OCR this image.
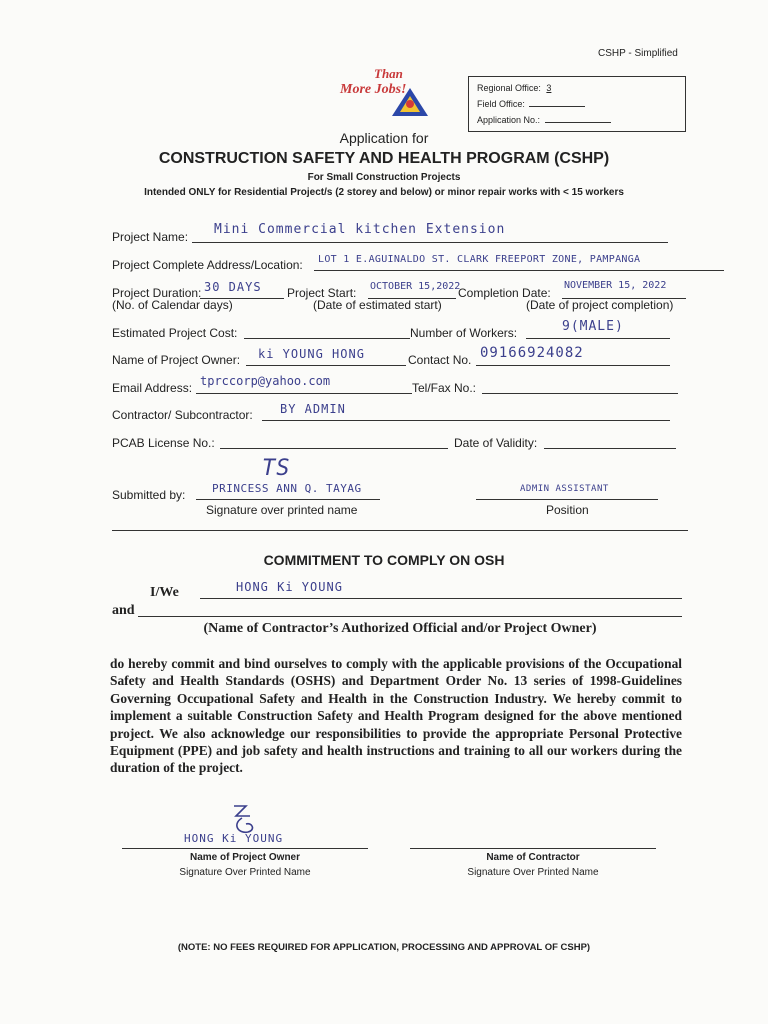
CSHP - Simplified
Than
More Jobs!	Regional Office: 3
Field Office:
Application No.:
Application for
CONSTRUCTION SAFETY AND HEALTH PROGRAM (CSHP)
For Small Construction Projects
Intended ONLY for Residential Project/s (2 storey and below) or minor repair works with < 15 workers
Project Name: Mini Commercial kitchen Extension
Project Complete Address/Location: LOT 1 E.AGUINALDO ST. CLARK FREEPORT ZONE, PAMPANGA
Project Duration: 30 DAYS Project Start: OCTOBER 15,2022
Completion Date:
NOVEMBER 15, 2022
(No. of Calendar days)	(Date of estimated start)	(Date of project completion)
Estimated Project Cost:	Number of Workers:	9(MALE)
Name of Project Owner: ki YOUNG HONG	Contact No. 09166924082
Email Address: tprccorp@yahoo.com	Tel/Fax No.:
Contractor/ Subcontractor: BY ADMIN
PCAB License No.:	Date of Validity:
TS
Submitted by: PRINCESS ANN Q. TAYAG
Signature over printed name
ADMIN ASSISTANT
Position
COMMITMENT TO COMPLY ON OSH
I/We	HONG Ki YOUNG
and
(Name of Contractor’s Authorized Official and/or Project Owner)
do hereby commit and bind ourselves to comply with the applicable provisions of the Occupational Safety and Health Standards (OSHS) and Department Order No. 13 series of 1998-Guidelines Governing Occupational Safety and Health in the Construction Industry. We hereby commit to implement a suitable Construction Safety and Health Program designed for the above mentioned project. We also acknowledge our responsibilities to provide the appropriate Personal Protective Equipment (PPE) and job safety and health instructions and training to all our workers during the duration of the project.
HONG Ki YOUNG
Name of Project Owner
Signature Over Printed Name
Name of Contractor
Signature Over Printed Name
(NOTE: NO FEES REQUIRED FOR APPLICATION, PROCESSING AND APPROVAL OF CSHP)
